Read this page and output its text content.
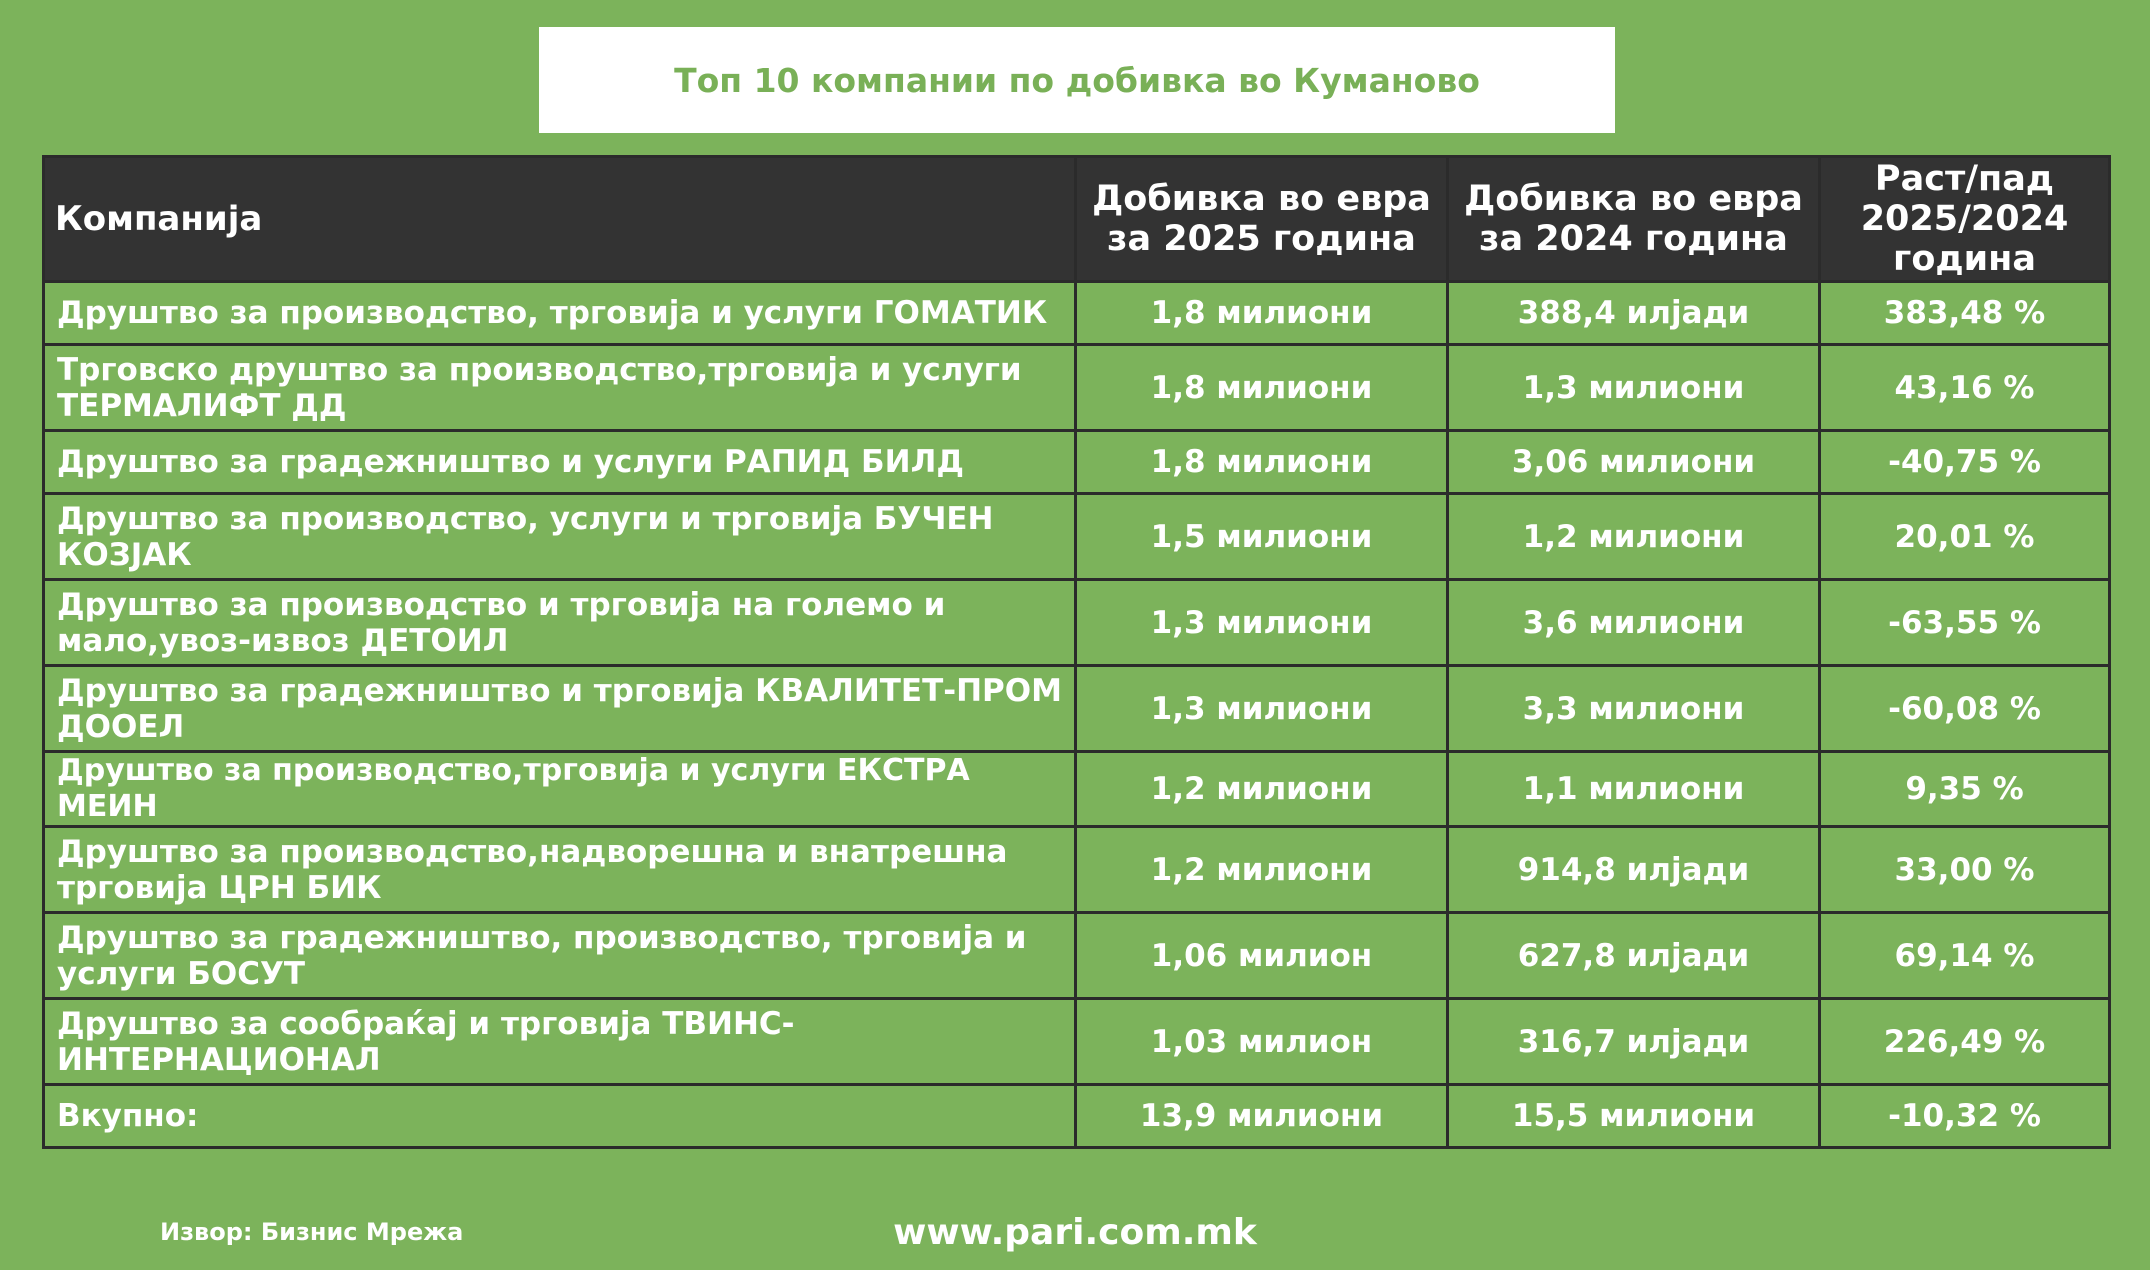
Топ 10 компании по добивка во Куманово
Компанија	Добивка во евра за 2025 година	Добивка во евра за 2024 година	Раст/пад 2025/2024 година
Друштво за производство, трговија и услуги ГОМАТИК	1,8 милиони	388,4 илјади	383,48 %
Трговско друштво за производство,трговија и услуги ТЕРМАЛИФТ ДД	1,8 милиони	1,3 милиони	43,16 %
Друштво за градежништво и услуги РАПИД БИЛД	1,8 милиони	3,06 милиони	-40,75 %
Друштво за производство, услуги и трговија БУЧЕН КОЗЈАК	1,5 милиони	1,2 милиони	20,01 %
Друштво за производство и трговија на големо и мало,увоз-извоз ДЕТОИЛ	1,3 милиони	3,6 милиони	-63,55 %
Друштво за градежништво и трговија КВАЛИТЕТ-ПРОМ ДООЕЛ	1,3 милиони	3,3 милиони	-60,08 %
Друштво за производство,трговија и услуги ЕКСТРА МЕИН	1,2 милиони	1,1 милиони	9,35 %
Друштво за производство,надворешна и внатрешна трговија ЦРН БИК	1,2 милиони	914,8 илјади	33,00 %
Друштво за градежништво, производство, трговија и услуги БОСУТ	1,06 милион	627,8 илјади	69,14 %
Друштво за сообраќај и трговија ТВИНС-ИНТЕРНАЦИОНАЛ	1,03 милион	316,7 илјади	226,49 %
Вкупно:	13,9 милиони	15,5 милиони	-10,32 %
Извор: Бизнис Мрежа	www.pari.com.mk
